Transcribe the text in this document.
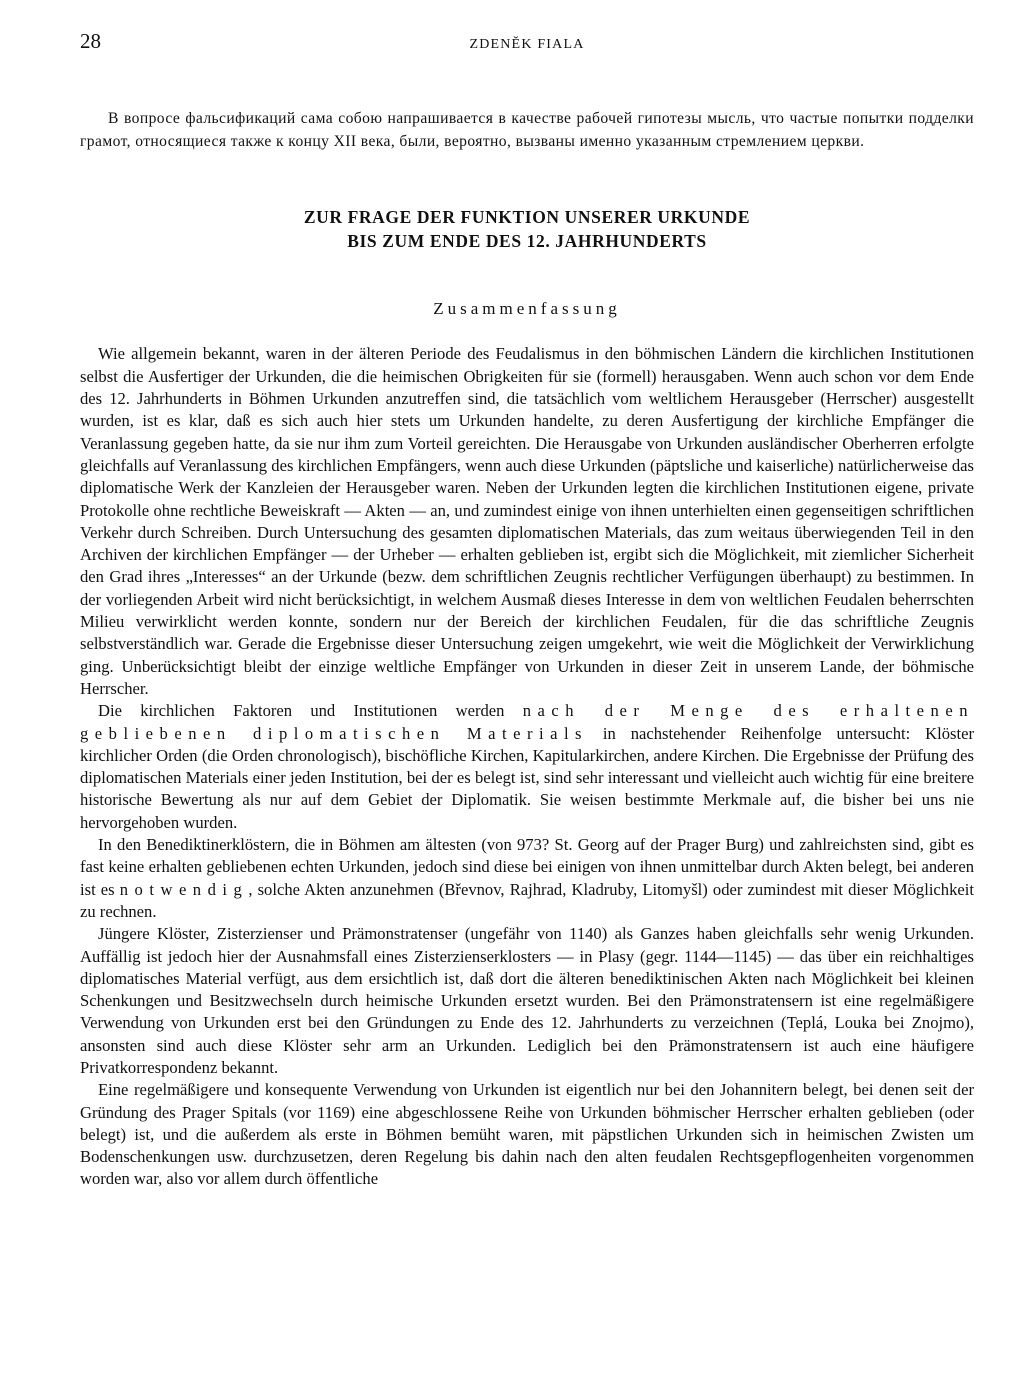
28	ZDENĚK FIALA

В вопросе фальсификаций сама собою напрашивается в качестве рабочей гипотезы мысль, что частые попытки подделки грамот, относящиеся также к концу XII века, были, вероятно, вызваны именно указанным стремлением церкви.

ZUR FRAGE DER FUNKTION UNSERER URKUNDE
BIS ZUM ENDE DES 12. JAHRHUNDERTS
Zusammenfassung

Wie allgemein bekannt, waren in der älteren Periode des Feudalismus in den böhmischen Ländern die kirchlichen Institutionen selbst die Ausfertiger der Urkunden, die die heimischen Obrigkeiten für sie (formell) herausgaben. Wenn auch schon vor dem Ende des 12. Jahrhunderts in Böhmen Urkunden anzutreffen sind, die tatsächlich vom weltlichem Herausgeber (Herrscher) ausgestellt wurden, ist es klar, daß es sich auch hier stets um Urkunden handelte, zu deren Ausfertigung der kirchliche Empfänger die Veranlassung gegeben hatte, da sie nur ihm zum Vorteil gereichten. Die Herausgabe von Urkunden ausländischer Oberherren erfolgte gleichfalls auf Veranlassung des kirchlichen Empfängers, wenn auch diese Urkunden (päptsliche und kaiserliche) natürlicherweise das diplomatische Werk der Kanzleien der Herausgeber waren. Neben der Urkunden legten die kirchlichen Institutionen eigene, private Protokolle ohne rechtliche Beweiskraft — Akten — an, und zumindest einige von ihnen unterhielten einen gegenseitigen schriftlichen Verkehr durch Schreiben. Durch Untersuchung des gesamten diplomatischen Materials, das zum weitaus überwiegenden Teil in den Archiven der kirchlichen Empfänger — der Urheber — erhalten geblieben ist, ergibt sich die Möglichkeit, mit ziemlicher Sicherheit den Grad ihres „Interesses“ an der Urkunde (bezw. dem schriftlichen Zeugnis rechtlicher Verfügungen überhaupt) zu bestimmen. In der vorliegenden Arbeit wird nicht berücksichtigt, in welchem Ausmaß dieses Interesse in dem von weltlichen Feudalen beherrschten Milieu verwirklicht werden konnte, sondern nur der Bereich der kirchlichen Feudalen, für die das schriftliche Zeugnis selbstverständlich war. Gerade die Ergebnisse dieser Untersuchung zeigen umgekehrt, wie weit die Möglichkeit der Verwirklichung ging. Unberücksichtigt bleibt der einzige weltliche Empfänger von Urkunden in dieser Zeit in unserem Lande, der böhmische Herrscher.

Die kirchlichen Faktoren und Institutionen werden nach der Menge des erhaltenen gebliebenen diplomatischen Materials in nachstehender Reihenfolge untersucht: Klöster kirchlicher Orden (die Orden chronologisch), bischöfliche Kirchen, Kapitularkirchen, andere Kirchen. Die Ergebnisse der Prüfung des diplomatischen Materials einer jeden Institution, bei der es belegt ist, sind sehr interessant und vielleicht auch wichtig für eine breitere historische Bewertung als nur auf dem Gebiet der Diplomatik. Sie weisen bestimmte Merkmale auf, die bisher bei uns nie hervorgehoben wurden.

In den Benediktinerklöstern, die in Böhmen am ältesten (von 973? St. Georg auf der Prager Burg) und zahlreichsten sind, gibt es fast keine erhalten gebliebenen echten Urkunden, jedoch sind diese bei einigen von ihnen unmittelbar durch Akten belegt, bei anderen ist es notwendig, solche Akten anzunehmen (Břevnov, Rajhrad, Kladruby, Litomyšl) oder zumindest mit dieser Möglichkeit zu rechnen.

Jüngere Klöster, Zisterzienser und Prämonstratenser (ungefähr von 1140) als Ganzes haben gleichfalls sehr wenig Urkunden. Auffällig ist jedoch hier der Ausnahmsfall eines Zisterzienserklosters — in Plasy (gegr. 1144—1145) — das über ein reichhaltiges diplomatisches Material verfügt, aus dem ersichtlich ist, daß dort die älteren benediktinischen Akten nach Möglichkeit bei kleinen Schenkungen und Besitzwechseln durch heimische Urkunden ersetzt wurden. Bei den Prämonstratensern ist eine regelmäßigere Verwendung von Urkunden erst bei den Gründungen zu Ende des 12. Jahrhunderts zu verzeichnen (Teplá, Louka bei Znojmo), ansonsten sind auch diese Klöster sehr arm an Urkunden. Lediglich bei den Prämonstratensern ist auch eine häufigere Privatkorrespondenz bekannt.

Eine regelmäßigere und konsequente Verwendung von Urkunden ist eigentlich nur bei den Johannitern belegt, bei denen seit der Gründung des Prager Spitals (vor 1169) eine abgeschlossene Reihe von Urkunden böhmischer Herrscher erhalten geblieben (oder belegt) ist, und die außerdem als erste in Böhmen bemüht waren, mit päpstlichen Urkunden sich in heimischen Zwisten um Bodenschenkungen usw. durchzusetzen, deren Regelung bis dahin nach den alten feudalen Rechtsgepflogenheiten vorgenommen worden war, also vor allem durch öffentliche
